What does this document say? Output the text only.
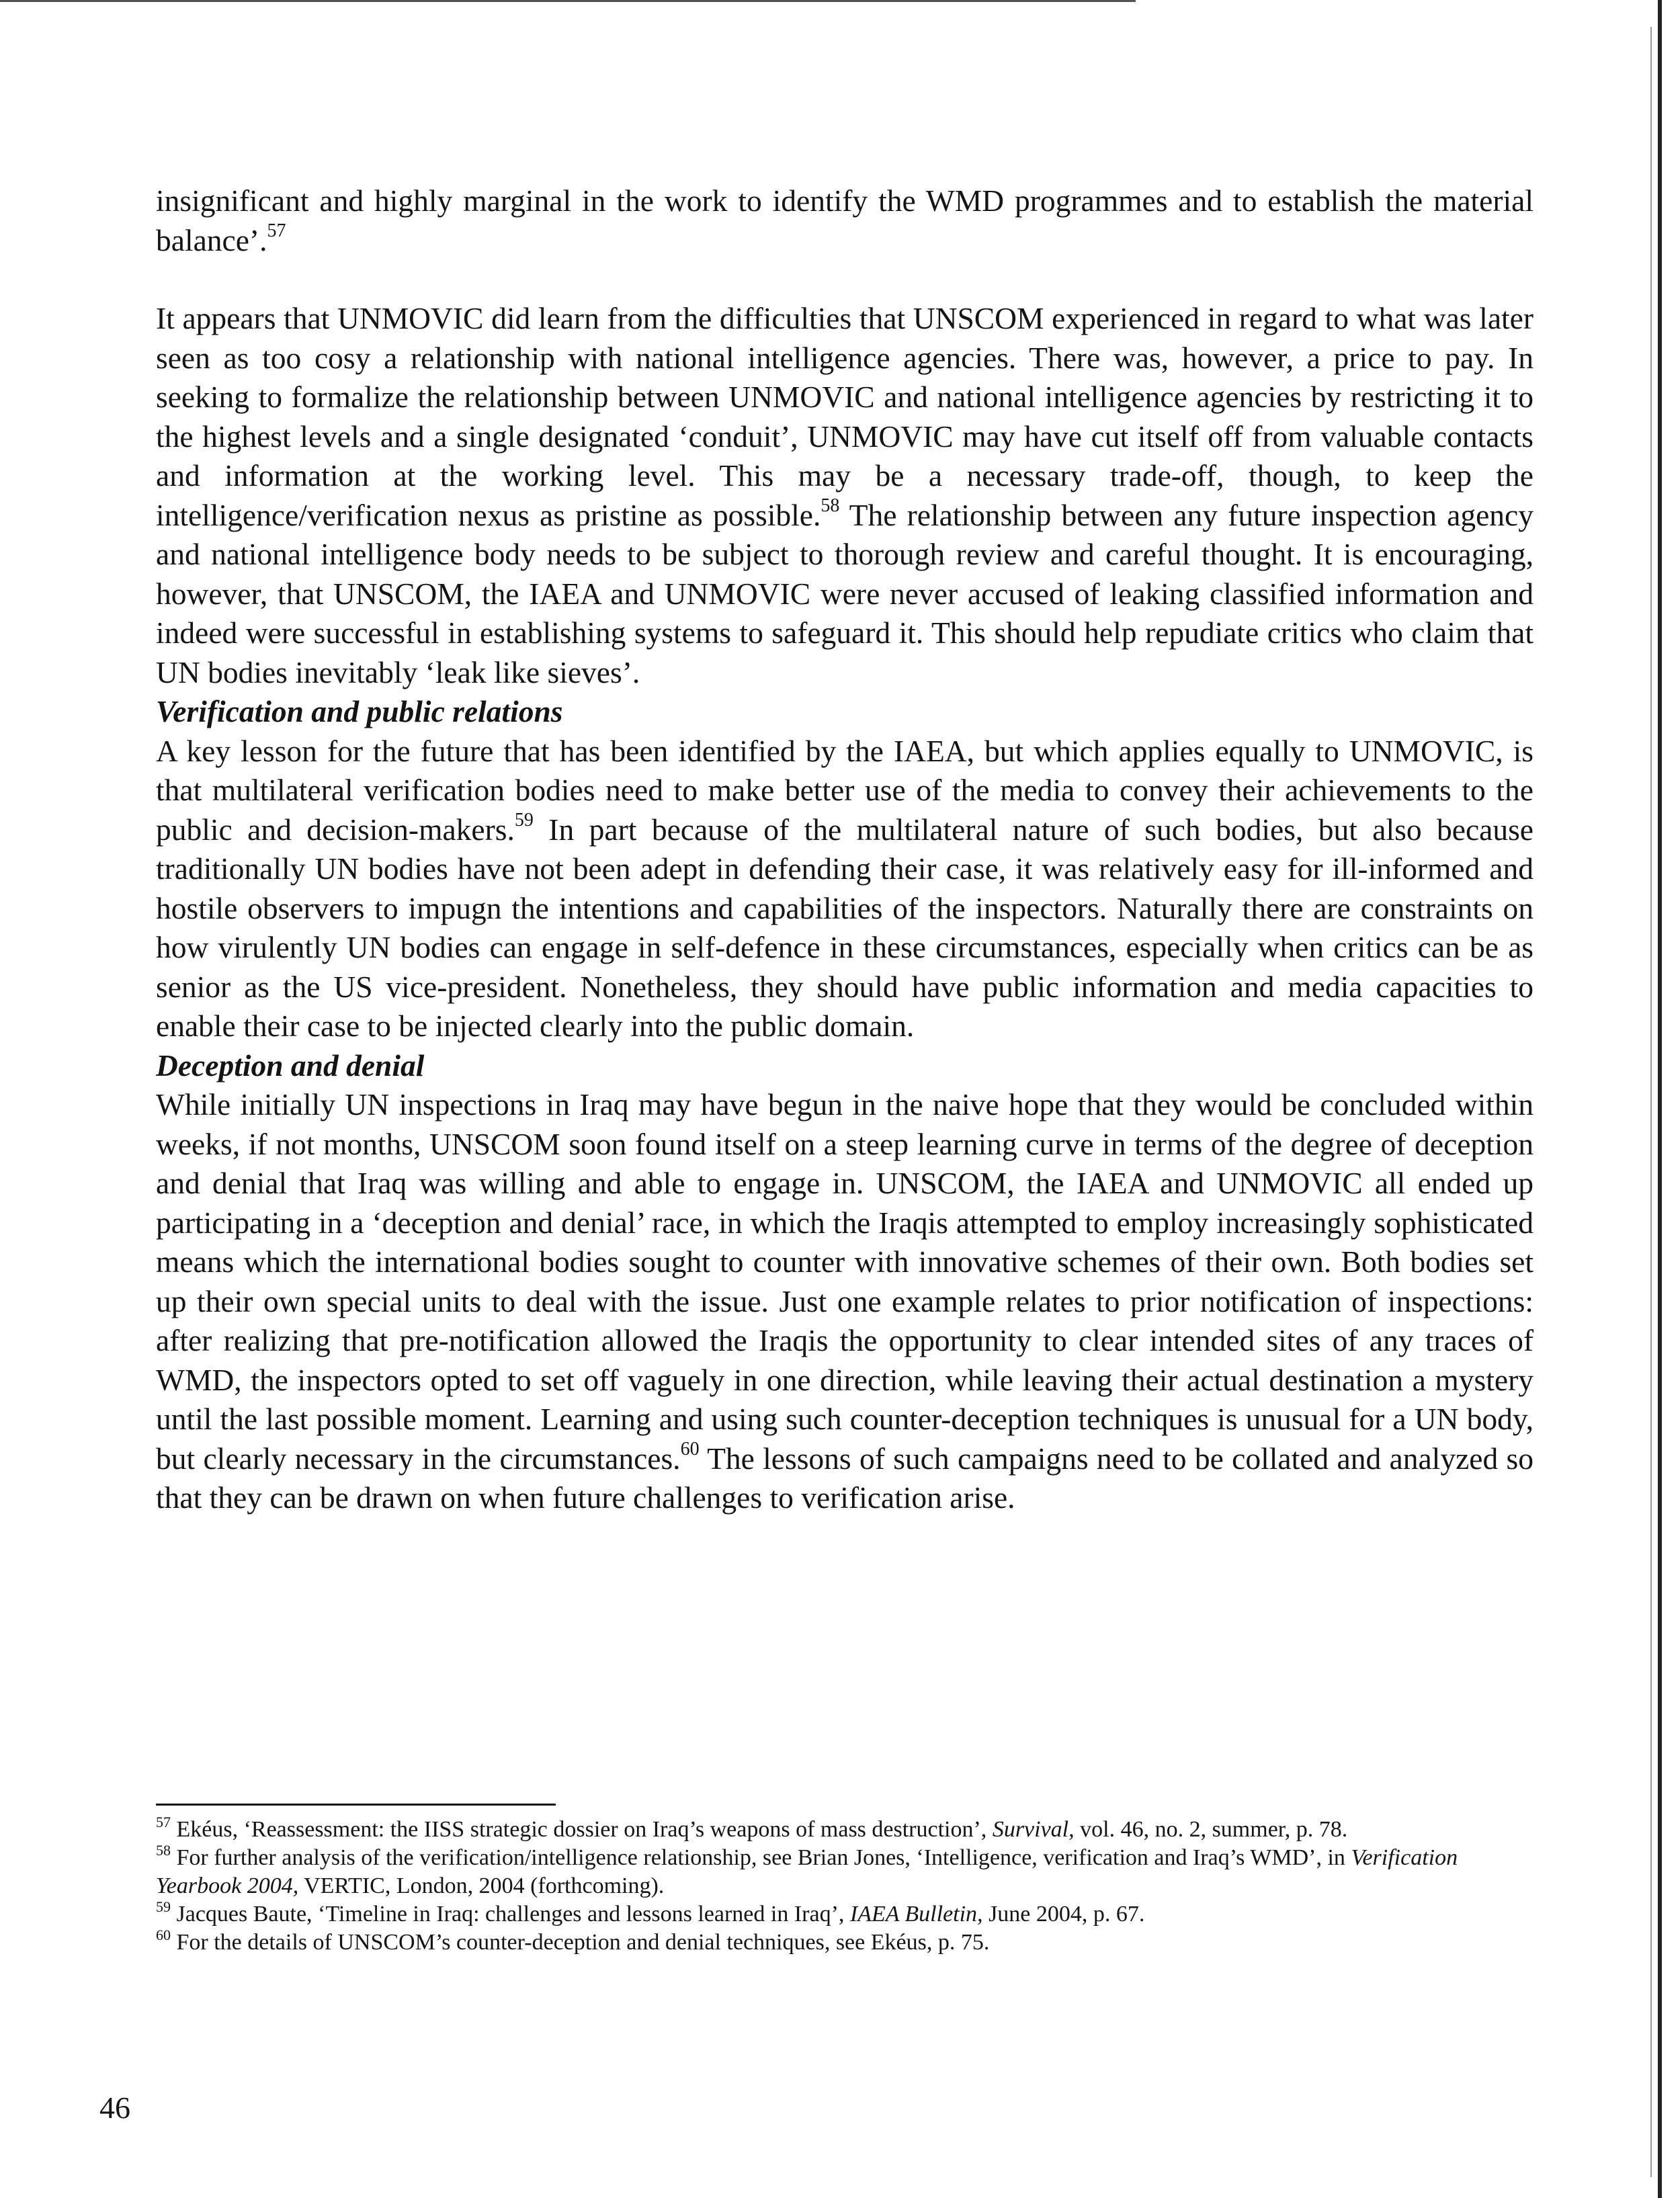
insignificant and highly marginal in the work to identify the WMD programmes and to establish the material balance’.$^{57}$

It appears that UNMOVIC did learn from the difficulties that UNSCOM experienced in regard to what was later seen as too cosy a relationship with national intelligence agencies. There was, however, a price to pay. In seeking to formalize the relationship between UNMOVIC and national intelligence agencies by restricting it to the highest levels and a single designated ‘conduit’, UNMOVIC may have cut itself off from valuable contacts and information at the working level. This may be a necessary trade-off, though, to keep the intelligence/verification nexus as pristine as possible.$^{58}$ The relationship between any future inspection agency and national intelligence body needs to be subject to thorough review and careful thought. It is encouraging, however, that UNSCOM, the IAEA and UNMOVIC were never accused of leaking classified information and indeed were successful in establishing systems to safeguard it. This should help repudiate critics who claim that UN bodies inevitably ‘leak like sieves’.

Verification and public relations

A key lesson for the future that has been identified by the IAEA, but which applies equally to UNMOVIC, is that multilateral verification bodies need to make better use of the media to convey their achievements to the public and decision-makers.$^{59}$ In part because of the multilateral nature of such bodies, but also because traditionally UN bodies have not been adept in defending their case, it was relatively easy for ill-informed and hostile observers to impugn the intentions and capabilities of the inspectors. Naturally there are constraints on how virulently UN bodies can engage in self-defence in these circumstances, especially when critics can be as senior as the US vice-president. Nonetheless, they should have public information and media capacities to enable their case to be injected clearly into the public domain.

Deception and denial

While initially UN inspections in Iraq may have begun in the naive hope that they would be concluded within weeks, if not months, UNSCOM soon found itself on a steep learning curve in terms of the degree of deception and denial that Iraq was willing and able to engage in. UNSCOM, the IAEA and UNMOVIC all ended up participating in a ‘deception and denial’ race, in which the Iraqis attempted to employ increasingly sophisticated means which the international bodies sought to counter with innovative schemes of their own. Both bodies set up their own special units to deal with the issue. Just one example relates to prior notification of inspections: after realizing that pre-notification allowed the Iraqis the opportunity to clear intended sites of any traces of WMD, the inspectors opted to set off vaguely in one direction, while leaving their actual destination a mystery until the last possible moment. Learning and using such counter-deception techniques is unusual for a UN body, but clearly necessary in the circumstances.$^{60}$ The lessons of such campaigns need to be collated and analyzed so that they can be drawn on when future challenges to verification arise.

$^{57}$ Ekéus, ‘Reassessment: the IISS strategic dossier on Iraq’s weapons of mass destruction’, Survival, vol. 46, no. 2, summer, p. 78.

$^{58}$ For further analysis of the verification/intelligence relationship, see Brian Jones, ‘Intelligence, verification and Iraq’s WMD’, in Verification Yearbook 2004, VERTIC, London, 2004 (forthcoming).

$^{59}$ Jacques Baute, ‘Timeline in Iraq: challenges and lessons learned in Iraq’, IAEA Bulletin, June 2004, p. 67.

$^{60}$ For the details of UNSCOM’s counter-deception and denial techniques, see Ekéus, p. 75.

46
